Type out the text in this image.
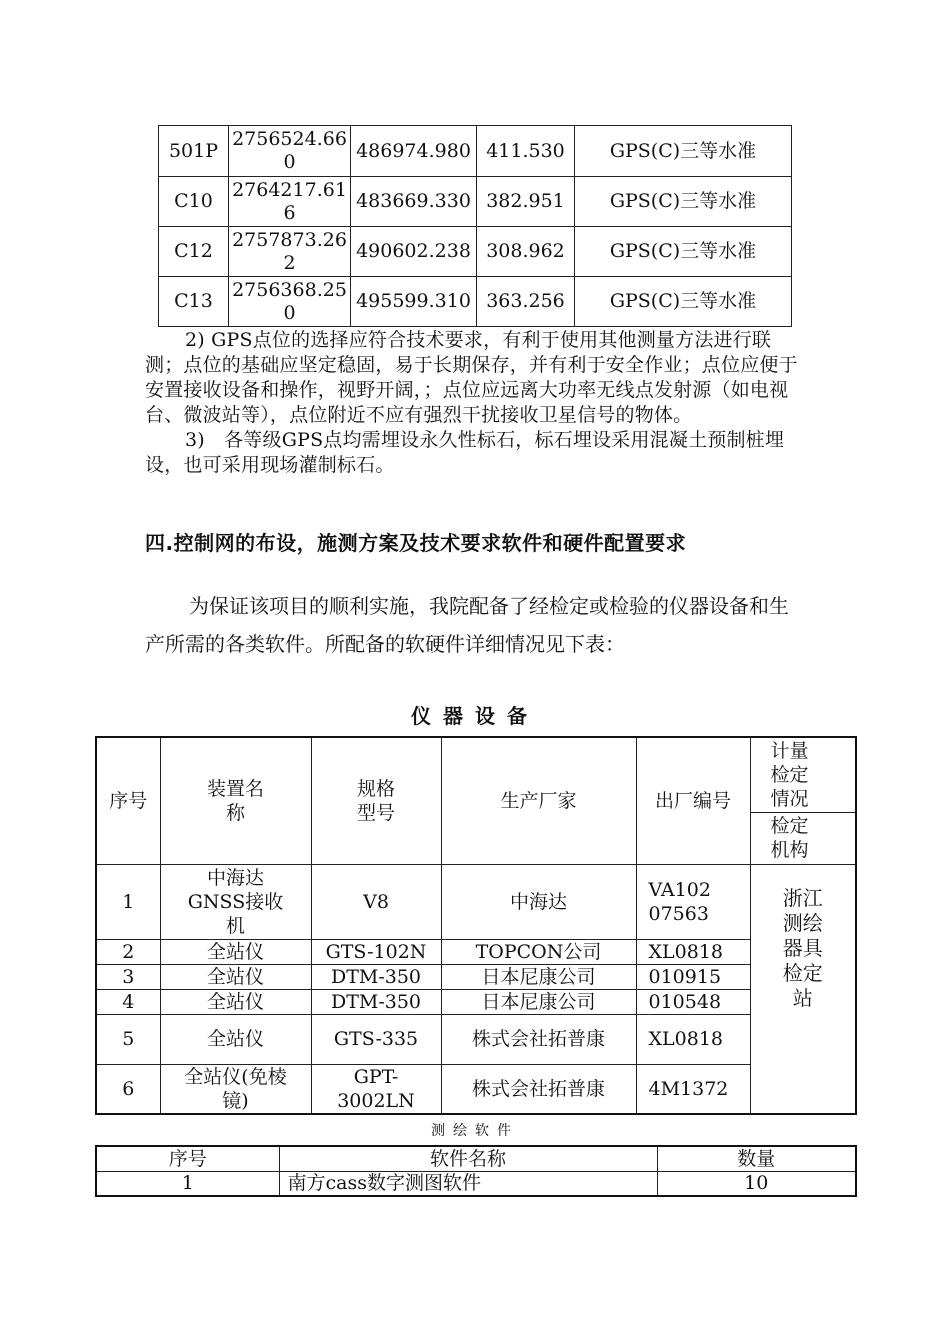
501P	2756524.660	486974.980	411.530	GPS(C)三等水准
C10	2764217.616	483669.330	382.951	GPS(C)三等水准
C12	2757873.262	490602.238	308.962	GPS(C)三等水准
C13	2756368.250	495599.310	363.256	GPS(C)三等水准

2) GPS点位的选择应符合技术要求，有利于使用其他测量方法进行联测；点位的基础应坚定稳固，易于长期保存，并有利于安全作业；点位应便于安置接收设备和操作，视野开阔，；点位应远离大功率无线点发射源（如电视台、微波站等），点位附近不应有强烈干扰接收卫星信号的物体。

3)　各等级GPS点均需埋设永久性标石，标石埋设采用混凝土预制桩埋设，也可采用现场灌制标石。

四.控制网的布设，施测方案及技术要求软件和硬件配置要求

为保证该项目的顺利实施，我院配备了经检定或检验的仪器设备和生产所需的各类软件。所配备的软硬件详细情况见下表：

仪器设备
序号	装置名称	规格型号	生产厂家	出厂编号	计量检定情况
					检定机构
1	中海达GNSS接收机	V8	中海达	VA10207563	浙江测绘器具检定站

2	全站仪	GTS-102N	TOPCON公司	XL0818	
3	全站仪	DTM-350	日本尼康公司	010915	
4	全站仪	DTM-350	日本尼康公司	010548	
5	全站仪	GTS-335	株式会社拓普康	XL0818	
6	全站仪(免棱镜)	GPT-3002LN	株式会社拓普康	4M1372	
测绘软件
序号	软件名称	数量
1	南方cass数字测图软件	10
